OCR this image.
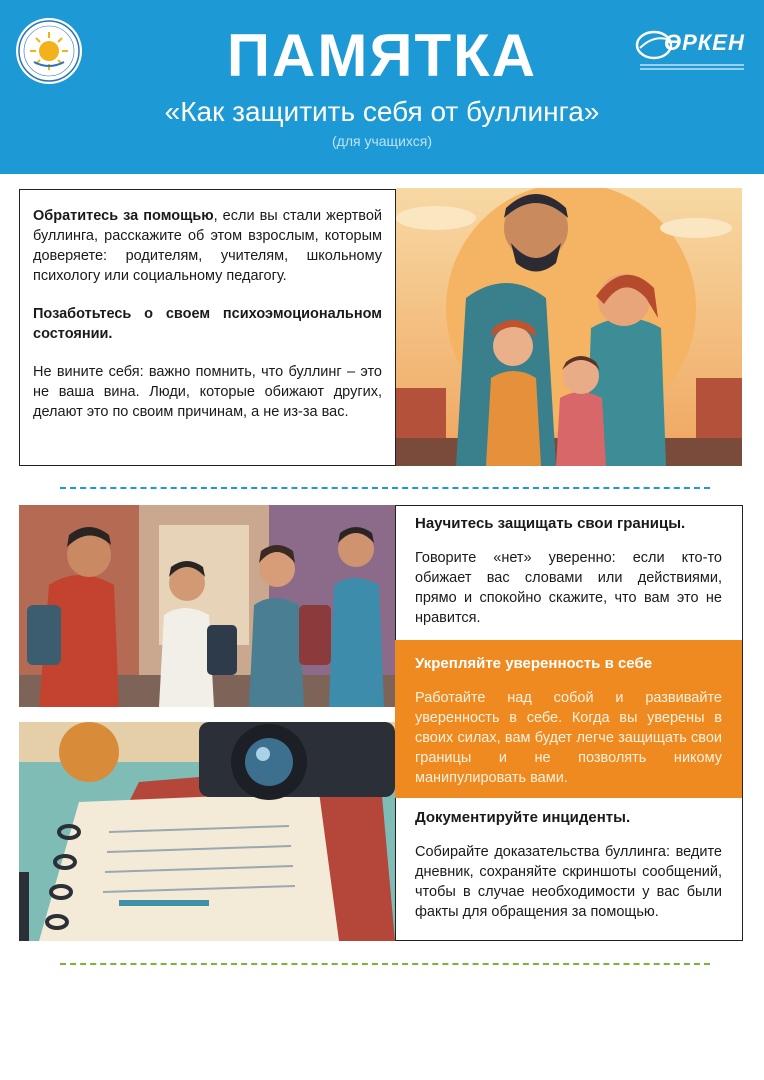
ПАМЯТКА
«Как защитить себя от буллинга»
(для учащихся)
ӨРКЕН

Обратитесь за помощью, если вы стали жертвой буллинга, расскажите об этом взрослым, которым доверяете: родителям, учителям, школьному психологу или социальному педагогу.

Позаботьтесь о своем психоэмоциональном состоянии.

Не вините себя: важно помнить, что буллинг – это не ваша вина. Люди, которые обижают других, делают это по своим причинам, а не из-за вас.

Научитесь защищать свои границы.

Говорите «нет» уверенно: если кто-то обижает вас словами или действиями, прямо и спокойно скажите, что вам это не нравится.

Укрепляйте уверенность в себе

Работайте над собой и развивайте уверенность в себе. Когда вы уверены в своих силах, вам будет легче защищать свои границы и не позволять никому манипулировать вами.

Документируйте инциденты.

Собирайте доказательства буллинга: ведите дневник, сохраняйте скриншоты сообщений, чтобы в случае необходимости у вас были факты для обращения за помощью.
